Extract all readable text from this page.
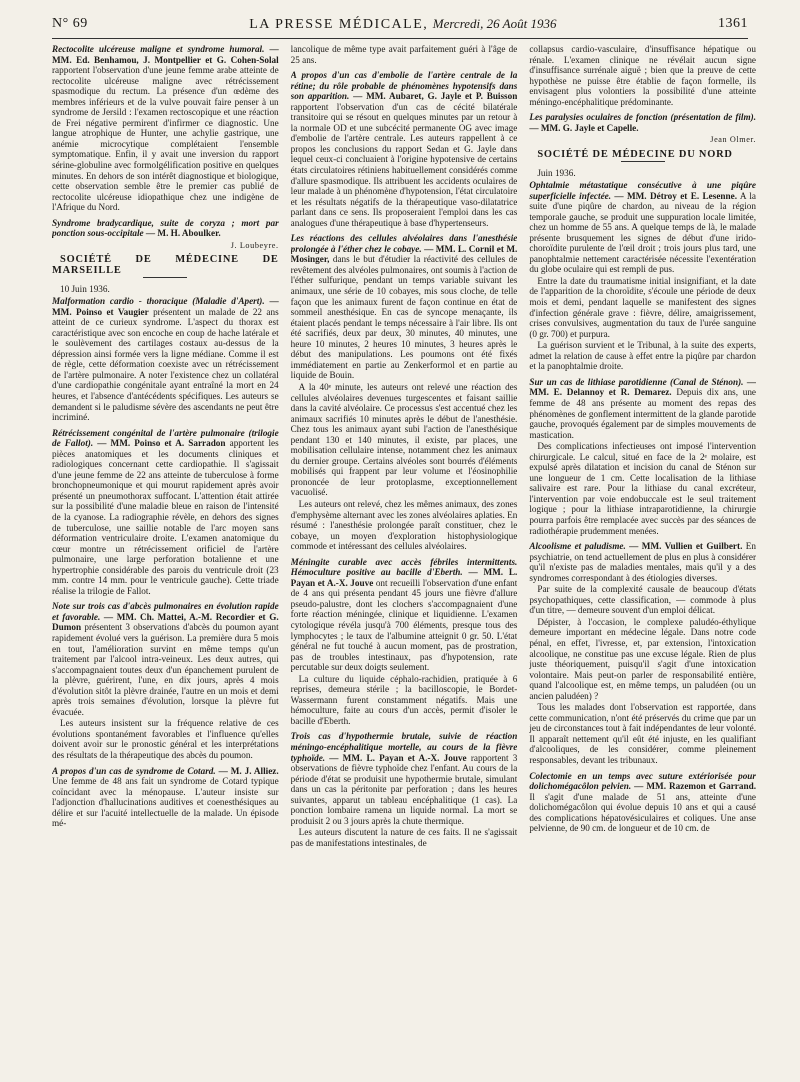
N° 69	LA PRESSE MÉDICALE, Mercredi, 26 Août 1936	1361

Rectocolite ulcéreuse maligne et syndrome humoral. — MM. Ed. Benhamou, J. Montpellier et G. Cohen-Solal rapportent l'observation d'une jeune femme arabe atteinte de rectocolite ulcéreuse maligne avec rétrécissement spasmodique du rectum. La présence d'un œdème des membres inférieurs et de la vulve pouvait faire penser à un syndrome de Jersild : l'examen rectoscopique et une réaction de Frei négative permirent d'infirmer ce diagnostic. Une langue atrophique de Hunter, une achylie gastrique, une anémie microcytique complétaient l'ensemble symptomatique. Enfin, il y avait une inversion du rapport sérine-globuline avec formolgélification positive en quelques minutes. En dehors de son intérêt diagnostique et biologique, cette observation semble être le premier cas publié de rectocolite ulcéreuse idiopathique chez une indigène de l'Afrique du Nord.

Syndrome bradycardique, suite de coryza ; mort par ponction sous-occipitale — M. H. Aboulker.

J. Loubeyre.

SOCIÉTÉ DE MÉDECINE DE MARSEILLE

10 Juin 1936.

Malformation cardio - thoracique (Maladie d'Apert). — MM. Poinso et Vaugier présentent un malade de 22 ans atteint de ce curieux syndrome. L'aspect du thorax est caractéristique avec son encoche en coup de hache latérale et le soulèvement des cartilages costaux au-dessus de la dépression ainsi formée vers la ligne médiane. Comme il est de règle, cette déformation coexiste avec un rétrécissement de l'artère pulmonaire. A noter l'existence chez un collatéral d'une cardiopathie congénitale ayant entraîné la mort en 24 heures, et l'absence d'antécédents spécifiques. Les auteurs se demandent si le paludisme sévère des ascendants ne peut être incriminé.

Rétrécissement congénital de l'artère pulmonaire (trilogie de Fallot). — MM. Poinso et A. Sarradon apportent les pièces anatomiques et les documents cliniques et radiologiques concernant cette cardiopathie. Il s'agissait d'une jeune femme de 22 ans atteinte de tuberculose à forme bronchopneumonique et qui mourut rapidement après avoir présenté un pneumothorax suffocant. L'attention était attirée sur la possibilité d'une maladie bleue en raison de l'intensité de la cyanose. La radiographie révèle, en dehors des signes de tuberculose, une saillie notable de l'arc moyen sans déformation ventriculaire droite. L'examen anatomique du cœur montre un rétrécissement orificiel de l'artère pulmonaire, une large perforation botalienne et une hypertrophie considérable des parois du ventricule droit (23 mm. contre 14 mm. pour le ventricule gauche). Cette triade réalise la trilogie de Fallot.

Note sur trois cas d'abcès pulmonaires en évolution rapide et favorable. — MM. Ch. Mattei, A.-M. Recordier et G. Dumon présentent 3 observations d'abcès du poumon ayant rapidement évolué vers la guérison. La première dura 5 mois en tout, l'amélioration survint en même temps qu'un traitement par l'alcool intra-veineux. Les deux autres, qui s'accompagnaient toutes deux d'un épanchement purulent de la plèvre, guérirent, l'une, en dix jours, après 4 mois d'évolution sitôt la plèvre drainée, l'autre en un mois et demi après trois semaines d'évolution, lorsque la plèvre fut évacuée.

Les auteurs insistent sur la fréquence relative de ces évolutions spontanément favorables et l'influence qu'elles doivent avoir sur le pronostic général et les interprétations des résultats de la thérapeutique des abcès du poumon.

A propos d'un cas de syndrome de Cotard. — M. J. Alliez. Une femme de 48 ans fait un syndrome de Cotard typique coïncidant avec la ménopause. L'auteur insiste sur l'adjonction d'hallucinations auditives et coenesthésiques au délire et sur l'acuité intellectuelle de la malade. Un épisode mé-

lancolique de même type avait parfaitement guéri à l'âge de 25 ans.

A propos d'un cas d'embolie de l'artère centrale de la rétine; du rôle probable de phénomènes hypotensifs dans son apparition. — MM. Aubaret, G. Jayle et P. Buisson rapportent l'observation d'un cas de cécité bilatérale transitoire qui se résout en quelques minutes par un retour à la normale OD et une subcécité permanente OG avec image d'embolie de l'artère centrale. Les auteurs rappellent à ce propos les conclusions du rapport Sedan et G. Jayle dans lequel ceux-ci concluaient à l'origine hypotensive de certains états circulatoires rétiniens habituellement considérés comme d'allure spasmodique. Ils attribuent les accidents oculaires de leur malade à un phénomène d'hypotension, l'état circulatoire et les résultats négatifs de la thérapeutique vaso-dilatatrice parlant dans ce sens. Ils proposeraient l'emploi dans les cas analogues d'une thérapeutique à base d'hypertenseurs.

Les réactions des cellules alvéolaires dans l'anesthésie prolongée à l'éther chez le cobaye. — MM. L. Cornil et M. Mosinger, dans le but d'étudier la réactivité des cellules de revêtement des alvéoles pulmonaires, ont soumis à l'action de l'éther sulfurique, pendant un temps variable suivant les animaux, une série de 10 cobayes, mis sous cloche, de telle façon que les animaux furent de façon continue en état de sommeil anesthésique. En cas de syncope menaçante, ils étaient placés pendant le temps nécessaire à l'air libre. Ils ont été sacrifiés, deux par deux, 30 minutes, 40 minutes, une heure 10 minutes, 2 heures 10 minutes, 3 heures après le début des manipulations. Les poumons ont été fixés immédiatement en partie au Zenkerformol et en partie au liquide de Bouin.

A la 40ᵉ minute, les auteurs ont relevé une réaction des cellules alvéolaires devenues turgescentes et faisant saillie dans la cavité alvéolaire. Ce processus s'est accentué chez les animaux sacrifiés 10 minutes après le début de l'anesthésie. Chez tous les animaux ayant subi l'action de l'anesthésique pendant 130 et 140 minutes, il existe, par places, une mobilisation cellulaire intense, notamment chez les animaux du dernier groupe. Certains alvéoles sont bourrés d'éléments mobilisés qui frappent par leur volume et l'éosinophilie prononcée de leur protoplasme, exceptionnellement vacuolisé.

Les auteurs ont relevé, chez les mêmes animaux, des zones d'emphysème alternant avec les zones alvéolaires aplaties. En résumé : l'anesthésie prolongée paraît constituer, chez le cobaye, un moyen d'exploration histophysiologique commode et intéressant des cellules alvéolaires.

Méningite curable avec accès fébriles intermittents. Hémoculture positive au bacille d'Eberth. — MM. L. Payan et A.-X. Jouve ont recueilli l'observation d'une enfant de 4 ans qui présenta pendant 45 jours une fièvre d'allure pseudo-palustre, dont les clochers s'accompagnaient d'une forte réaction méningée, clinique et liquidienne. L'examen cytologique révéla jusqu'à 700 éléments, presque tous des lymphocytes ; le taux de l'albumine atteignit 0 gr. 50. L'état général ne fut touché à aucun moment, pas de prostration, pas de troubles intestinaux, pas d'hypotension, rate percutable sur deux doigts seulement.

La culture du liquide céphalo-rachidien, pratiquée à 6 reprises, demeura stérile ; la bacilloscopie, le Bordet-Wassermann furent constamment négatifs. Mais une hémoculture, faite au cours d'un accès, permit d'isoler le bacille d'Eberth.

Trois cas d'hypothermie brutale, suivie de réaction méningo-encéphalitique mortelle, au cours de la fièvre typhoïde. — MM. L. Payan et A.-X. Jouve rapportent 3 observations de fièvre typhoïde chez l'enfant. Au cours de la période d'état se produisit une hypothermie brutale, simulant dans un cas la péritonite par perforation ; dans les heures suivantes, apparut un tableau encéphalitique (1 cas). La ponction lombaire ramena un liquide normal. La mort se produisit 2 ou 3 jours après la chute thermique.

Les auteurs discutent la nature de ces faits. Il ne s'agissait pas de manifestations intestinales, de

collapsus cardio-vasculaire, d'insuffisance hépatique ou rénale. L'examen clinique ne révélait aucun signe d'insuffisance surrénale aiguë ; bien que la preuve de cette hypothèse ne puisse être établie de façon formelle, ils envisagent plus volontiers la possibilité d'une atteinte méningo-encéphalitique prédominante.

Les paralysies oculaires de fonction (présentation de film). — MM. G. Jayle et Capelle.

Jean Olmer.

SOCIÉTÉ DE MÉDECINE DU NORD

Juin 1936.

Ophtalmie métastatique consécutive à une piqûre superficielle infectée. — MM. Détroy et E. Lesenne. A la suite d'une piqûre de chardon, au niveau de la région temporale gauche, se produit une suppuration locale limitée, chez un homme de 55 ans. A quelque temps de là, le malade présente brusquement les signes de début d'une irido-choroïdite purulente de l'œil droit ; trois jours plus tard, une panophtalmie nettement caractérisée nécessite l'exentération du globe oculaire qui est rempli de pus.

Entre la date du traumatisme initial insignifiant, et la date de l'apparition de la choroïdite, s'écoule une période de deux mois et demi, pendant laquelle se manifestent des signes d'infection générale grave : fièvre, délire, amaigrissement, crises convulsives, augmentation du taux de l'urée sanguine (0 gr. 700) et purpura.

La guérison survient et le Tribunal, à la suite des experts, admet la relation de cause à effet entre la piqûre par chardon et la panophtalmie droite.

Sur un cas de lithiase parotidienne (Canal de Sténon). — MM. E. Delannoy et R. Demarez. Depuis dix ans, une femme de 48 ans présente au moment des repas des phénomènes de gonflement intermittent de la glande parotide gauche, provoqués également par de simples mouvements de mastication.

Des complications infectieuses ont imposé l'intervention chirurgicale. Le calcul, situé en face de la 2ᵉ molaire, est expulsé après dilatation et incision du canal de Sténon sur une longueur de 1 cm. Cette localisation de la lithiase salivaire est rare. Pour la lithiase du canal excréteur, l'intervention par voie endobuccale est le seul traitement logique ; pour la lithiase intraparotidienne, la chirurgie pourra parfois être remplacée avec succès par des séances de radiothérapie prudemment menées.

Alcoolisme et paludisme. — MM. Vullien et Guilbert. En psychiatrie, on tend actuellement de plus en plus à considérer qu'il n'existe pas de maladies mentales, mais qu'il y a des syndromes correspondant à des étiologies diverses.

Par suite de la complexité causale de beaucoup d'états psychopathiques, cette classification, — commode à plus d'un titre, — demeure souvent d'un emploi délicat.

Dépister, à l'occasion, le complexe paludéo-éthylique demeure important en médecine légale. Dans notre code pénal, en effet, l'ivresse, et, par extension, l'intoxication alcoolique, ne constitue pas une excuse légale. Rien de plus juste théoriquement, puisqu'il s'agit d'une intoxication volontaire. Mais peut-on parler de responsabilité entière, quand l'alcoolique est, en même temps, un paludéen (ou un ancien paludéen) ?

Tous les malades dont l'observation est rapportée, dans cette communication, n'ont été préservés du crime que par un jeu de circonstances tout à fait indépendantes de leur volonté. Il apparaît nettement qu'il eût été injuste, en les qualifiant d'alcooliques, de les considérer, comme pleinement responsables, devant les tribunaux.

Colectomie en un temps avec suture extériorisée pour dolichomégacôlon pelvien. — MM. Razemon et Garrand. Il s'agit d'une malade de 51 ans, atteinte d'une dolichomégacôlon qui évolue depuis 10 ans et qui a causé des complications hépatovésiculaires et coliques. Une anse pelvienne, de 90 cm. de longueur et de 10 cm. de
